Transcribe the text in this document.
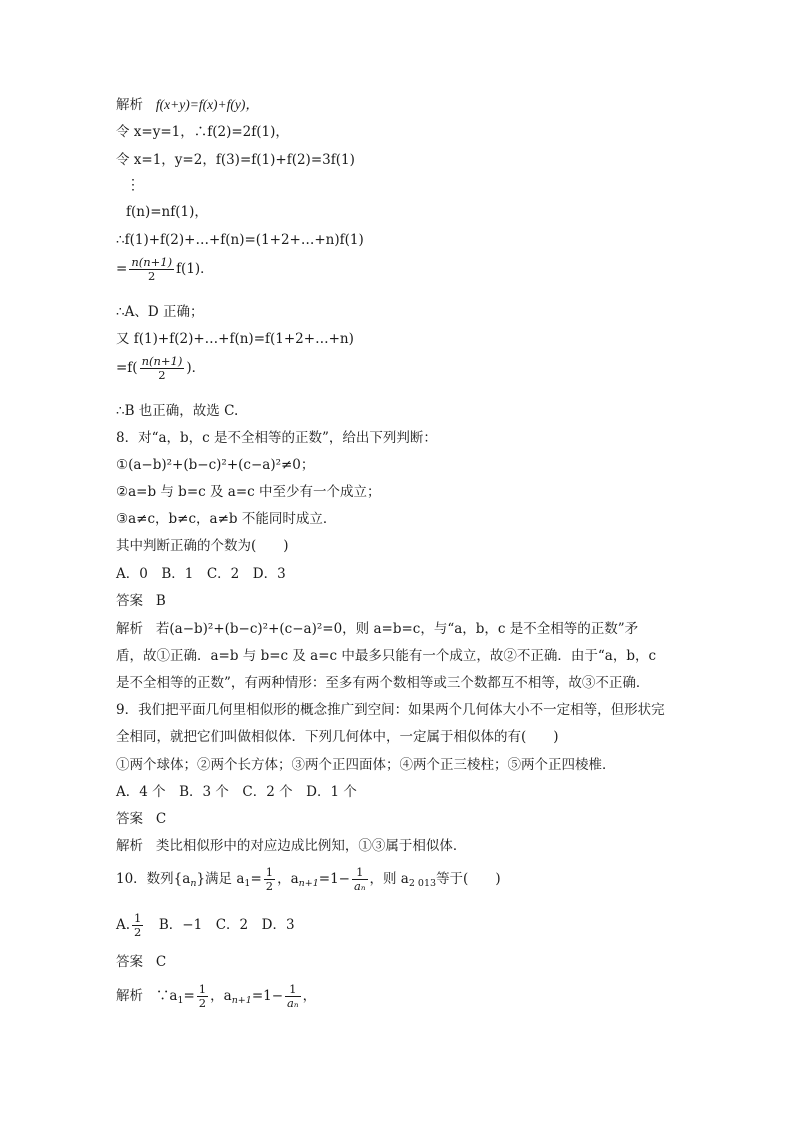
解析 f(x+y)=f(x)+f(y)，
令 x=y=1，∴f(2)=2f(1)，
令 x=1，y=2，f(3)=f(1)+f(2)=3f(1)
⋮
f(n)=nf(1)，
∴f(1)+f(2)+…+f(n)=(1+2+…+n)f(1)
= $\frac{n(n+1)}{2} f(1)$．
∴A、D 正确；
又 f(1)+f(2)+…+f(n)=f(1+2+…+n)
$=f( \frac{n(n+1)}{2}$ )．
∴B 也正确，故选 C.
8．对“a，b，c 是不全相等的正数”，给出下列判断：
①(a−b)²+(b−c)²+(c−a)²≠0；
②a=b 与 b=c 及 a=c 中至少有一个成立；
③a≠c，b≠c，a≠b 不能同时成立．
其中判断正确的个数为(　　)
A．0　B．1　C．2　D．3
答案 B
解析 若(a−b)²+(b−c)²+(c−a)²=0，则 a=b=c，与“a，b，c 是不全相等的正数”矛
盾，故①正确．a=b 与 b=c 及 a=c 中最多只能有一个成立，故②不正确．由于“a，b，c
是不全相等的正数”，有两种情形：至多有两个数相等或三个数都互不相等，故③不正确．
9．我们把平面几何里相似形的概念推广到空间：如果两个几何体大小不一定相等，但形状完
全相同，就把它们叫做相似体．下列几何体中，一定属于相似体的有(　　)
①两个球体；②两个长方体；③两个正四面体；④两个正三棱柱；⑤两个正四棱椎．
A．4 个　B．3 个　C．2 个　D．1 个
答案 C
解析 类比相似形中的对应边成比例知，①③属于相似体．
10．数列$\{a_n\}$满足 $a_1= \frac{1}{2}$ ，$a_{n+1}=1- \frac{1}{\text{aₙ}}$ ，则 $a_{2 013}$等于(　　)
A. $\frac{1}{2}$ 　B．−1　C．2　D．3
答案 C
解析 $\because a_1= \frac{1}{2}$ ，$a_{n+1}=1- \frac{1}{\text{aₙ}}$ ，
